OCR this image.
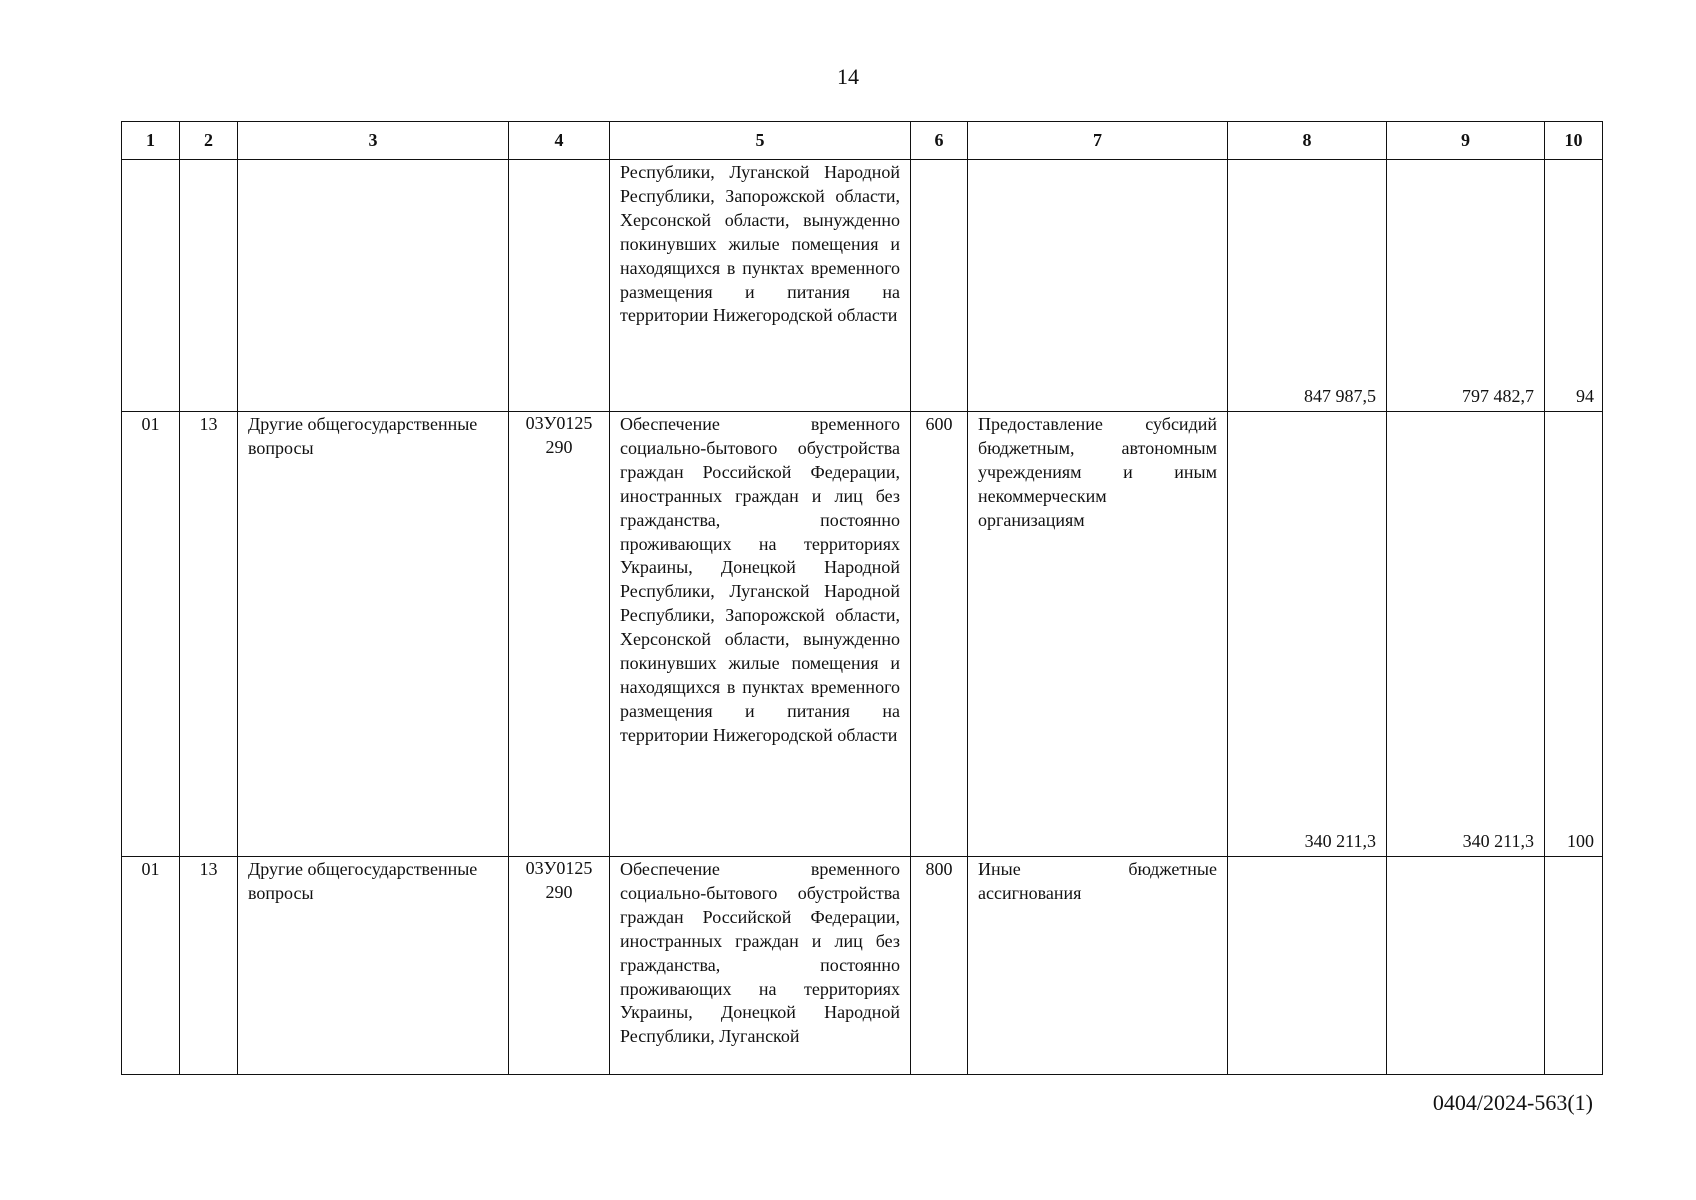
14
1	2	3	4	5	6	7	8	9	10
				Республики, Луганской Народной Республики, Запорожской области, Херсонской области, вынужденно покинувших жилые помещения и находящихся в пунктах временного размещения и питания на территории Нижегородской области			847 987,5	797 482,7	94
01	13	Другие общегосударственные вопросы	03У0125 290	Обеспечение временного социально-бытового обустройства граждан Российской Федерации, иностранных граждан и лиц без гражданства, постоянно проживающих на территориях Украины, Донецкой Народной Республики, Луганской Народной Республики, Запорожской области, Херсонской области, вынужденно покинувших жилые помещения и находящихся в пунктах временного размещения и питания на территории Нижегородской области	600	Предоставление субсидий бюджетным, автономным учреждениям и иным некоммерческим организациям	340 211,3	340 211,3	100
01	13	Другие общегосударственные вопросы	03У0125 290	Обеспечение временного социально-бытового обустройства граждан Российской Федерации, иностранных граждан и лиц без гражданства, постоянно проживающих на территориях Украины, Донецкой Народной Республики, Луганской	800	Иные бюджетные ассигнования			
0404/2024-563(1)
